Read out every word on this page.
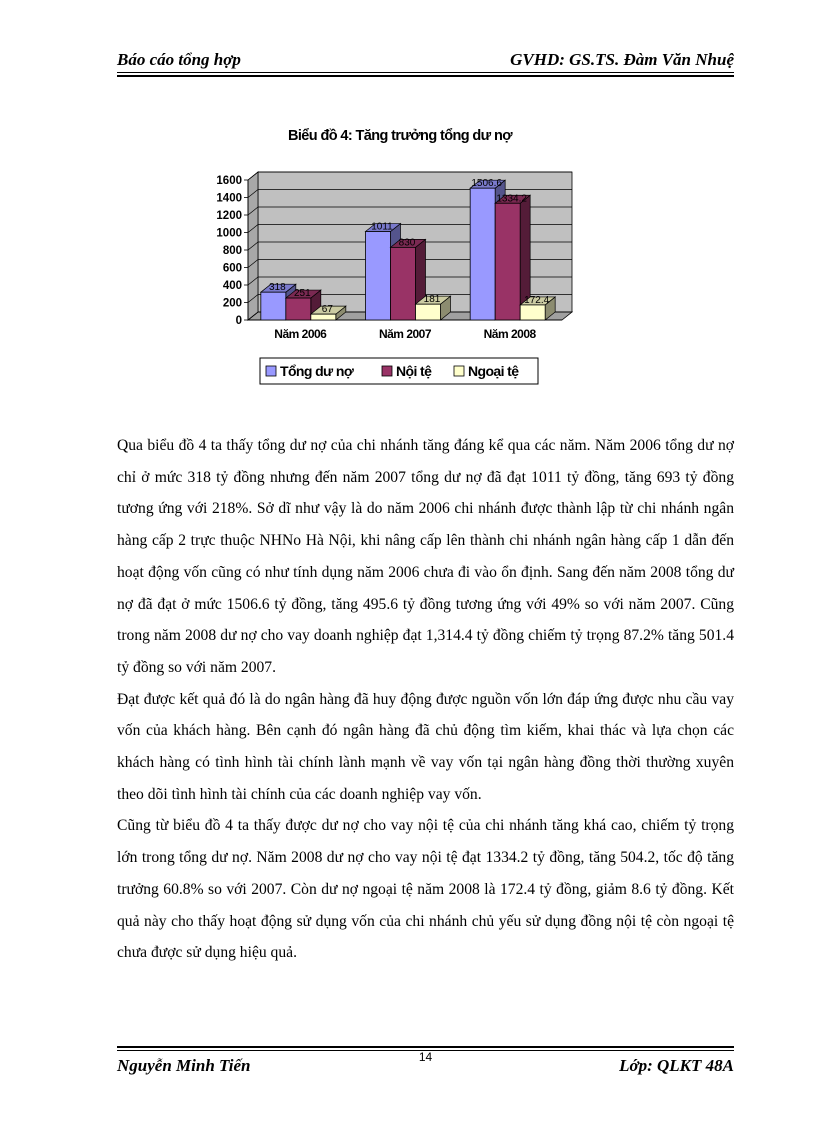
Báo cáo tổng hợp	GVHD: GS.TS. Đàm Văn Nhuệ
Biểu đồ 4: Tăng trưởng tổng dư nợ
0
200
400
600
800
1000
1200
1400
1600
318
251
67
Năm 2006
1011
830
181
Năm 2007
1506.6
1334.2
172.4
Năm 2008
Tổng dư nợ	Nội tệ	Ngoại tệ

Qua biểu đồ 4 ta thấy tổng dư nợ của chi nhánh tăng đáng kể qua các năm. Năm 2006 tổng dư nợ chỉ ở mức 318 tỷ đồng nhưng đến năm 2007 tổng dư nợ đã đạt 1011 tỷ đồng, tăng 693 tỷ đồng tương ứng với 218%. Sở dĩ như vậy là do năm 2006 chi nhánh được thành lập từ chi nhánh ngân hàng cấp 2 trực thuộc NHNo Hà Nội, khi nâng cấp lên thành chi nhánh ngân hàng cấp 1 dẫn đến hoạt động vốn cũng có như tính dụng năm 2006 chưa đi vào ổn định. Sang đến năm 2008 tổng dư nợ đã đạt ở mức 1506.6 tỷ đồng, tăng 495.6 tỷ đồng tương ứng với 49% so với năm 2007. Cũng trong năm 2008 dư nợ cho vay doanh nghiệp đạt 1,314.4 tỷ đồng chiếm tỷ trọng 87.2% tăng 501.4 tỷ đồng so với năm 2007.

Đạt được kết quả đó là do ngân hàng đã huy động được nguồn vốn lớn đáp ứng được nhu cầu vay vốn của khách hàng. Bên cạnh đó ngân hàng đã chủ động tìm kiếm, khai thác và lựa chọn các khách hàng có tình hình tài chính lành mạnh về vay vốn tại ngân hàng đồng thời thường xuyên theo dõi tình hình tài chính của các doanh nghiệp vay vốn.

Cũng từ biểu đồ 4 ta thấy được dư nợ cho vay nội tệ của chi nhánh tăng khá cao, chiếm tỷ trọng lớn trong tổng dư nợ. Năm 2008 dư nợ cho vay nội tệ đạt 1334.2 tỷ đồng, tăng 504.2, tốc độ tăng trưởng 60.8% so với 2007. Còn dư nợ ngoại tệ năm 2008 là 172.4 tỷ đồng, giảm 8.6 tỷ đồng. Kết quả này cho thấy hoạt động sử dụng vốn của chi nhánh chủ yếu sử dụng đồng nội tệ còn ngoại tệ chưa được sử dụng hiệu quả.

Nguyễn Minh Tiến	14	Lớp: QLKT 48A
